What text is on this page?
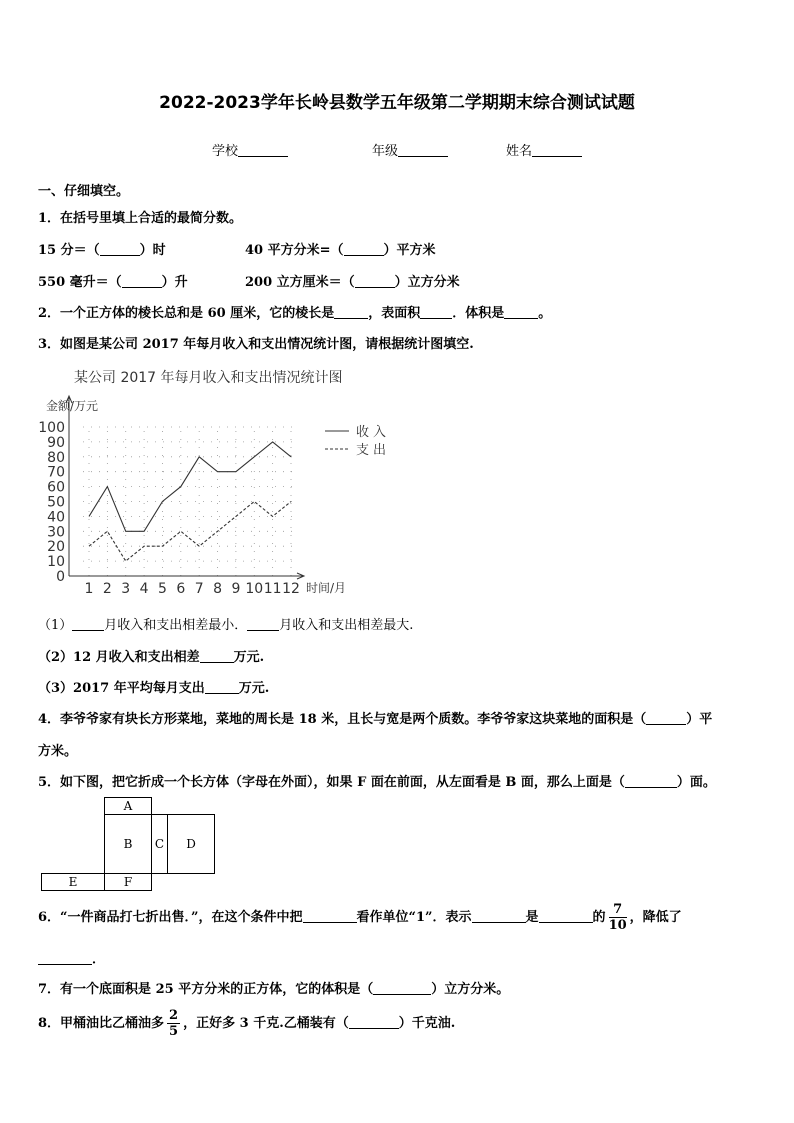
2022-2023学年长岭县数学五年级第二学期期末综合测试试题
学校	年级	姓名
一、仔细填空。
1．在括号里填上合适的最简分数。
15 分＝（	）时	40 平方分米=（	）平方米
550 毫升＝（	）升	200 立方厘米＝（	）立方分米
2．一个正方体的棱长总和是 60 厘米，它的棱长是	，表面积 ．体积是	。
3．如图是某公司 2017 年每月收入和支出情况统计图，请根据统计图填空.
某公司 2017 年每月收入和支出情况统计图
金额/万元
时间/月
0
10
20
30
40
50
60
70
80
90
100
1 2 3 4 5 6 7 8 9 10 11 12
收入
支出
（1） 月收入和支出相差最小． 月收入和支出相差最大.
（2）12 月收入和支出相差	万元.
（3）2017 年平均每月支出	万元.
4．李爷爷家有块长方形菜地，菜地的周长是 18 米，且长与宽是两个质数。李爷爷家这块菜地的面积是（	）平
方米。
5．如下图，把它折成一个长方体（字母在外面），如果 F 面在前面，从左面看是 B 面，那么上面是（	）面。
A
B	C	D
E	F
6．“一件商品打七折出售．”，在这个条件中把	看作单位“1”．表示	是	的 $\frac{7}{10}$ ，降低了
．
7．有一个底面积是 25 平方分米的正方体，它的体积是（	）立方分米。
8．甲桶油比乙桶油多 $\frac{2}{5}$ ，正好多 3 千克.乙桶装有（	）千克油.
